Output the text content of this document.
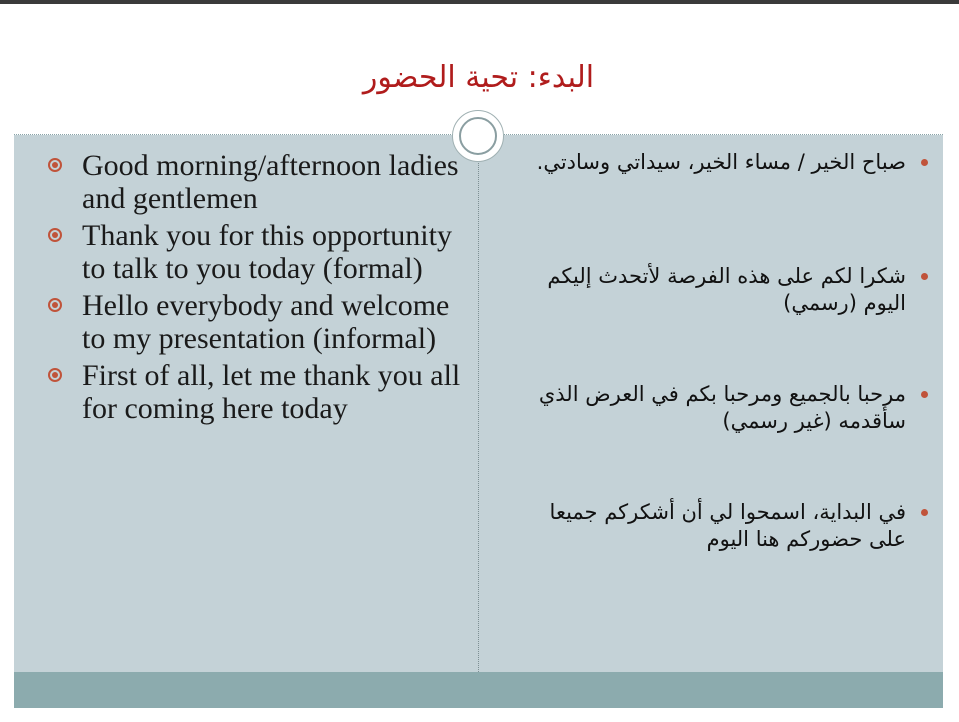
البدء: تحية الحضور
Good morning/afternoon ladies and gentlemen
Thank you for this opportunity to talk to you today (formal)
Hello everybody and welcome to my presentation (informal)
First of all, let me thank you all for coming here today
صباح الخير / مساء الخير، سيداتي وسادتي.
شكرا لكم على هذه الفرصة لأتحدث إليكم اليوم (رسمي)
مرحبا بالجميع ومرحبا بكم في العرض الذي سأقدمه (غير رسمي)
في البداية، اسمحوا لي أن أشكركم جميعا على حضوركم هنا اليوم
